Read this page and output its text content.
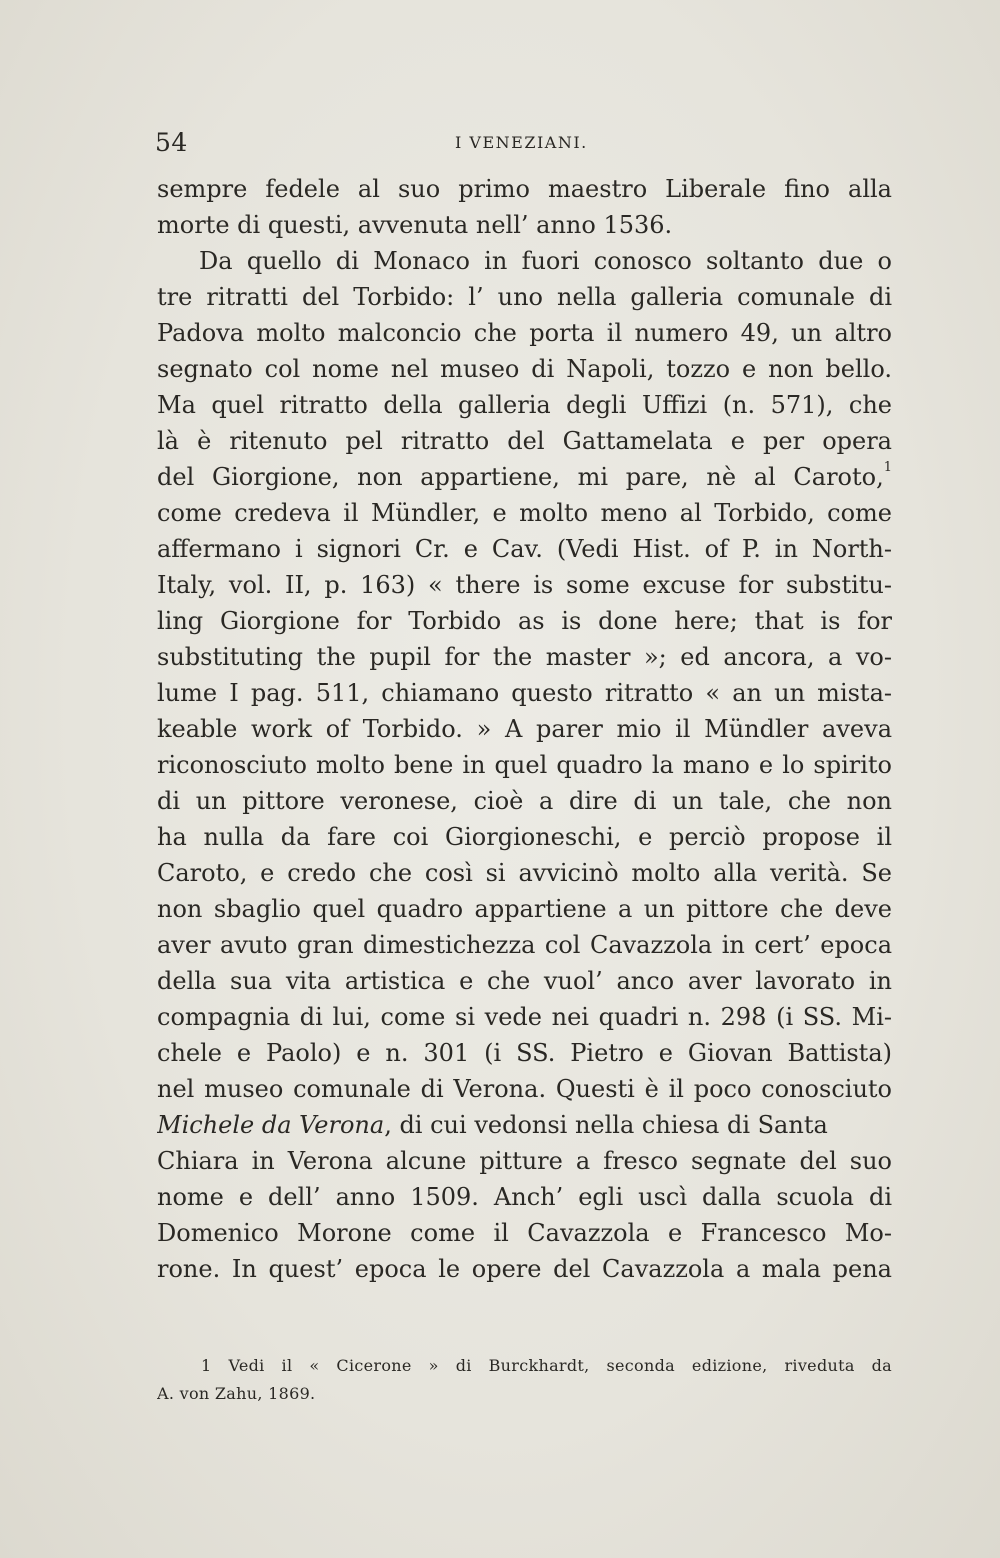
54	I VENEZIANI.
sempre fedele al suo primo maestro Liberale fino alla
morte di questi, avvenuta nell’ anno 1536.
Da quello di Monaco in fuori conosco soltanto due o
tre ritratti del Torbido: l’ uno nella galleria comunale di
Padova molto malconcio che porta il numero 49, un altro
segnato col nome nel museo di Napoli, tozzo e non bello.
Ma quel ritratto della galleria degli Uffizi (n. 571), che
là è ritenuto pel ritratto del Gattamelata e per opera
del Giorgione, non appartiene, mi pare, nè al Caroto,$^1$
come credeva il Mündler, e molto meno al Torbido, come
affermano i signori Cr. e Cav. (Vedi Hist. of P. in North-
Italy, vol. II, p. 163) « there is some excuse for substitu-
ling Giorgione for Torbido as is done here; that is for
substituting the pupil for the master »; ed ancora, a vo-
lume I pag. 511, chiamano questo ritratto « an un mista-
keable work of Torbido. » A parer mio il Mündler aveva
riconosciuto molto bene in quel quadro la mano e lo spirito
di un pittore veronese, cioè a dire di un tale, che non
ha nulla da fare coi Giorgioneschi, e perciò propose il
Caroto, e credo che così si avvicinò molto alla verità. Se
non sbaglio quel quadro appartiene a un pittore che deve
aver avuto gran dimestichezza col Cavazzola in cert’ epoca
della sua vita artistica e che vuol’ anco aver lavorato in
compagnia di lui, come si vede nei quadri n. 298 (i SS. Mi-
chele e Paolo) e n. 301 (i SS. Pietro e Giovan Battista)
nel museo comunale di Verona. Questi è il poco conosciuto
Michele da Verona, di cui vedonsi nella chiesa di Santa
Chiara in Verona alcune pitture a fresco segnate del suo
nome e dell’ anno 1509. Anch’ egli uscì dalla scuola di
Domenico Morone come il Cavazzola e Francesco Mo-
rone. In quest’ epoca le opere del Cavazzola a mala pena
1 Vedi il « Cicerone » di Burckhardt, seconda edizione, riveduta da
A. von Zahu, 1869.
